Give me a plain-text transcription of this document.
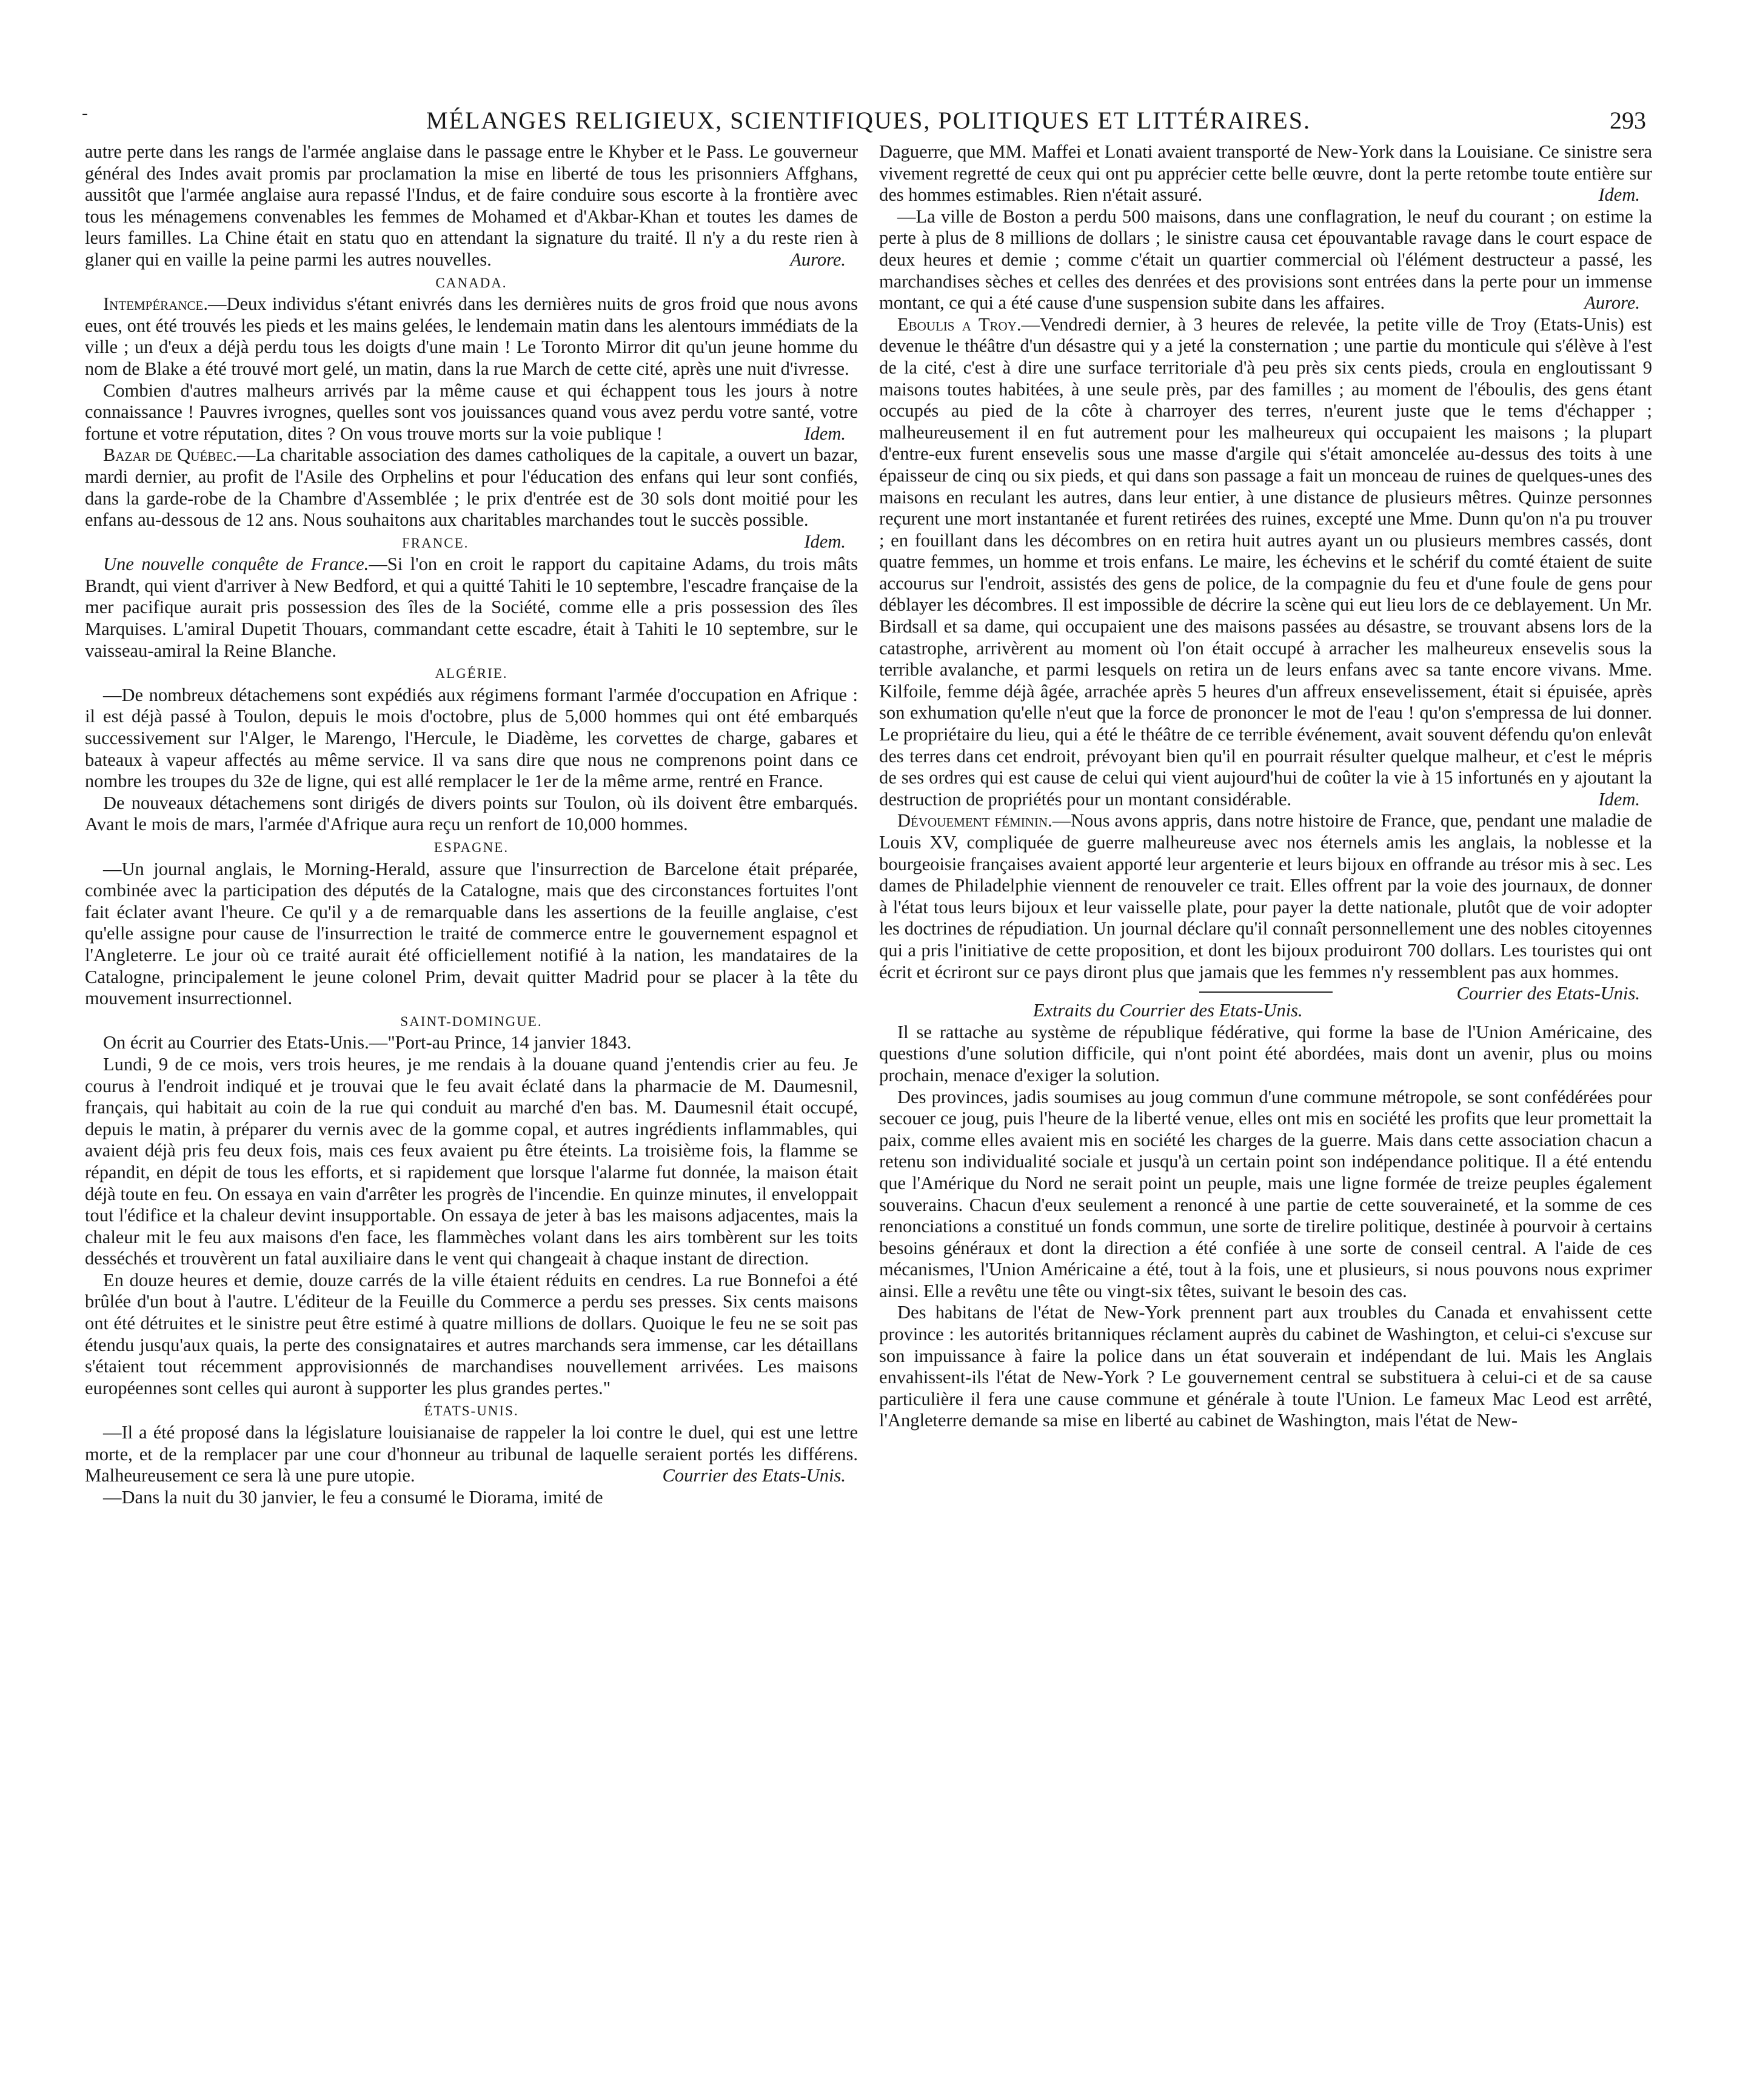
-	MÉLANGES RELIGIEUX, SCIENTIFIQUES, POLITIQUES ET LITTÉRAIRES.	293

autre perte dans les rangs de l'armée anglaise dans le passage entre le Khyber et le Pass. Le gouverneur général des Indes avait promis par proclamation la mise en liberté de tous les prisonniers Affghans, aussitôt que l'armée anglaise aura repassé l'Indus, et de faire conduire sous escorte à la frontière avec tous les ménagemens convenables les femmes de Mohamed et d'Akbar-Khan et toutes les dames de leurs familles. La Chine était en statu quo en attendant la signature du traité. Il n'y a du reste rien à glaner qui en vaille la peine parmi les autres nouvelles.	Aurore.

CANADA.

Intempérance.—Deux individus s'étant enivrés dans les dernières nuits de gros froid que nous avons eues, ont été trouvés les pieds et les mains gelées, le lendemain matin dans les alentours immédiats de la ville ; un d'eux a déjà perdu tous les doigts d'une main ! Le Toronto Mirror dit qu'un jeune homme du nom de Blake a été trouvé mort gelé, un matin, dans la rue March de cette cité, après une nuit d'ivresse.

Combien d'autres malheurs arrivés par la même cause et qui échappent tous les jours à notre connaissance ! Pauvres ivrognes, quelles sont vos jouissances quand vous avez perdu votre santé, votre fortune et votre réputation, dites ? On vous trouve morts sur la voie publique !	Idem.

Bazar de Québec.—La charitable association des dames catholiques de la capitale, a ouvert un bazar, mardi dernier, au profit de l'Asile des Orphelins et pour l'éducation des enfans qui leur sont confiés, dans la garde-robe de la Chambre d'Assemblée ; le prix d'entrée est de 30 sols dont moitié pour les enfans au-dessous de 12 ans. Nous souhaitons aux charitables marchandes tout le succès possible.
Idem.

FRANCE.

Une nouvelle conquête de France.—Si l'on en croit le rapport du capitaine Adams, du trois mâts Brandt, qui vient d'arriver à New Bedford, et qui a quitté Tahiti le 10 septembre, l'escadre française de la mer pacifique aurait pris possession des îles de la Société, comme elle a pris possession des îles Marquises. L'amiral Dupetit Thouars, commandant cette escadre, était à Tahiti le 10 septembre, sur le vaisseau-amiral la Reine Blanche.

ALGÉRIE.

—De nombreux détachemens sont expédiés aux régimens formant l'armée d'occupation en Afrique : il est déjà passé à Toulon, depuis le mois d'octobre, plus de 5,000 hommes qui ont été embarqués successivement sur l'Alger, le Marengo, l'Hercule, le Diadème, les corvettes de charge, gabares et bateaux à vapeur affectés au même service. Il va sans dire que nous ne comprenons point dans ce nombre les troupes du 32e de ligne, qui est allé remplacer le 1er de la même arme, rentré en France.

De nouveaux détachemens sont dirigés de divers points sur Toulon, où ils doivent être embarqués. Avant le mois de mars, l'armée d'Afrique aura reçu un renfort de 10,000 hommes.

ESPAGNE.

—Un journal anglais, le Morning-Herald, assure que l'insurrection de Barcelone était préparée, combinée avec la participation des députés de la Catalogne, mais que des circonstances fortuites l'ont fait éclater avant l'heure. Ce qu'il y a de remarquable dans les assertions de la feuille anglaise, c'est qu'elle assigne pour cause de l'insurrection le traité de commerce entre le gouvernement espagnol et l'Angleterre. Le jour où ce traité aurait été officiellement notifié à la nation, les mandataires de la Catalogne, principalement le jeune colonel Prim, devait quitter Madrid pour se placer à la tête du mouvement insurrectionnel.

SAINT-DOMINGUE.

On écrit au Courrier des Etats-Unis.—"Port-au Prince, 14 janvier 1843.

Lundi, 9 de ce mois, vers trois heures, je me rendais à la douane quand j'entendis crier au feu. Je courus à l'endroit indiqué et je trouvai que le feu avait éclaté dans la pharmacie de M. Daumesnil, français, qui habitait au coin de la rue qui conduit au marché d'en bas. M. Daumesnil était occupé, depuis le matin, à préparer du vernis avec de la gomme copal, et autres ingrédients inflammables, qui avaient déjà pris feu deux fois, mais ces feux avaient pu être éteints. La troisième fois, la flamme se répandit, en dépit de tous les efforts, et si rapidement que lorsque l'alarme fut donnée, la maison était déjà toute en feu. On essaya en vain d'arrêter les progrès de l'incendie. En quinze minutes, il enveloppait tout l'édifice et la chaleur devint insupportable. On essaya de jeter à bas les maisons adjacentes, mais la chaleur mit le feu aux maisons d'en face, les flammèches volant dans les airs tombèrent sur les toits desséchés et trouvèrent un fatal auxiliaire dans le vent qui changeait à chaque instant de direction.

En douze heures et demie, douze carrés de la ville étaient réduits en cendres. La rue Bonnefoi a été brûlée d'un bout à l'autre. L'éditeur de la Feuille du Commerce a perdu ses presses. Six cents maisons ont été détruites et le sinistre peut être estimé à quatre millions de dollars. Quoique le feu ne se soit pas étendu jusqu'aux quais, la perte des consignataires et autres marchands sera immense, car les détaillans s'étaient tout récemment approvisionnés de marchandises nouvellement arrivées. Les maisons européennes sont celles qui auront à supporter les plus grandes pertes."

ÉTATS-UNIS.

—Il a été proposé dans la législature louisianaise de rappeler la loi contre le duel, qui est une lettre morte, et de la remplacer par une cour d'honneur au tribunal de laquelle seraient portés les différens. Malheureusement ce sera là une pure utopie.	Courrier des Etats-Unis.

—Dans la nuit du 30 janvier, le feu a consumé le Diorama, imité de

Daguerre, que MM. Maffei et Lonati avaient transporté de New-York dans la Louisiane. Ce sinistre sera vivement regretté de ceux qui ont pu apprécier cette belle œuvre, dont la perte retombe toute entière sur des hommes estimables. Rien n'était assuré.	Idem.

—La ville de Boston a perdu 500 maisons, dans une conflagration, le neuf du courant ; on estime la perte à plus de 8 millions de dollars ; le sinistre causa cet épouvantable ravage dans le court espace de deux heures et demie ; comme c'était un quartier commercial où l'élément destructeur a passé, les marchandises sèches et celles des denrées et des provisions sont entrées dans la perte pour un immense montant, ce qui a été cause d'une suspension subite dans les affaires.	Aurore.

Eboulis a Troy.—Vendredi dernier, à 3 heures de relevée, la petite ville de Troy (Etats-Unis) est devenue le théâtre d'un désastre qui y a jeté la consternation ; une partie du monticule qui s'élève à l'est de la cité, c'est à dire une surface territoriale d'à peu près six cents pieds, croula en engloutissant 9 maisons toutes habitées, à une seule près, par des familles ; au moment de l'éboulis, des gens étant occupés au pied de la côte à charroyer des terres, n'eurent juste que le tems d'échapper ; malheureusement il en fut autrement pour les malheureux qui occupaient les maisons ; la plupart d'entre-eux furent ensevelis sous une masse d'argile qui s'était amoncelée au-dessus des toits à une épaisseur de cinq ou six pieds, et qui dans son passage a fait un monceau de ruines de quelques-unes des maisons en reculant les autres, dans leur entier, à une distance de plusieurs mêtres. Quinze personnes reçurent une mort instantanée et furent retirées des ruines, excepté une Mme. Dunn qu'on n'a pu trouver ; en fouillant dans les décombres on en retira huit autres ayant un ou plusieurs membres cassés, dont quatre femmes, un homme et trois enfans. Le maire, les échevins et le schérif du comté étaient de suite accourus sur l'endroit, assistés des gens de police, de la compagnie du feu et d'une foule de gens pour déblayer les décombres. Il est impossible de décrire la scène qui eut lieu lors de ce deblayement. Un Mr. Birdsall et sa dame, qui occupaient une des maisons passées au désastre, se trouvant absens lors de la catastrophe, arrivèrent au moment où l'on était occupé à arracher les malheureux ensevelis sous la terrible avalanche, et parmi lesquels on retira un de leurs enfans avec sa tante encore vivans. Mme. Kilfoile, femme déjà âgée, arrachée après 5 heures d'un affreux ensevelissement, était si épuisée, après son exhumation qu'elle n'eut que la force de prononcer le mot de l'eau ! qu'on s'empressa de lui donner. Le propriétaire du lieu, qui a été le théâtre de ce terrible événement, avait souvent défendu qu'on enlevât des terres dans cet endroit, prévoyant bien qu'il en pourrait résulter quelque malheur, et c'est le mépris de ses ordres qui est cause de celui qui vient aujourd'hui de coûter la vie à 15 infortunés en y ajoutant la destruction de propriétés pour un montant considérable.	Idem.

Dévouement féminin.—Nous avons appris, dans notre histoire de France, que, pendant une maladie de Louis XV, compliquée de guerre malheureuse avec nos éternels amis les anglais, la noblesse et la bourgeoisie françaises avaient apporté leur argenterie et leurs bijoux en offrande au trésor mis à sec. Les dames de Philadelphie viennent de renouveler ce trait. Elles offrent par la voie des journaux, de donner à l'état tous leurs bijoux et leur vaisselle plate, pour payer la dette nationale, plutôt que de voir adopter les doctrines de répudiation. Un journal déclare qu'il connaît personnellement une des nobles citoyennes qui a pris l'initiative de cette proposition, et dont les bijoux produiront 700 dollars. Les touristes qui ont écrit et écriront sur ce pays diront plus que jamais que les femmes n'y ressemblent pas aux hommes.
Courrier des Etats-Unis.

Extraits du Courrier des Etats-Unis.

Il se rattache au système de république fédérative, qui forme la base de l'Union Américaine, des questions d'une solution difficile, qui n'ont point été abordées, mais dont un avenir, plus ou moins prochain, menace d'exiger la solution.

Des provinces, jadis soumises au joug commun d'une commune métropole, se sont confédérées pour secouer ce joug, puis l'heure de la liberté venue, elles ont mis en société les profits que leur promettait la paix, comme elles avaient mis en société les charges de la guerre. Mais dans cette association chacun a retenu son individualité sociale et jusqu'à un certain point son indépendance politique. Il a été entendu que l'Amérique du Nord ne serait point un peuple, mais une ligne formée de treize peuples également souverains. Chacun d'eux seulement a renoncé à une partie de cette souveraineté, et la somme de ces renonciations a constitué un fonds commun, une sorte de tirelire politique, destinée à pourvoir à certains besoins généraux et dont la direction a été confiée à une sorte de conseil central. A l'aide de ces mécanismes, l'Union Américaine a été, tout à la fois, une et plusieurs, si nous pouvons nous exprimer ainsi. Elle a revêtu une tête ou vingt-six têtes, suivant le besoin des cas.

Des habitans de l'état de New-York prennent part aux troubles du Canada et envahissent cette province : les autorités britanniques réclament auprès du cabinet de Washington, et celui-ci s'excuse sur son impuissance à faire la police dans un état souverain et indépendant de lui. Mais les Anglais envahissent-ils l'état de New-York ? Le gouvernement central se substituera à celui-ci et de sa cause particulière il fera une cause commune et générale à toute l'Union. Le fameux Mac Leod est arrêté, l'Angleterre demande sa mise en liberté au cabinet de Washington, mais l'état de New-
